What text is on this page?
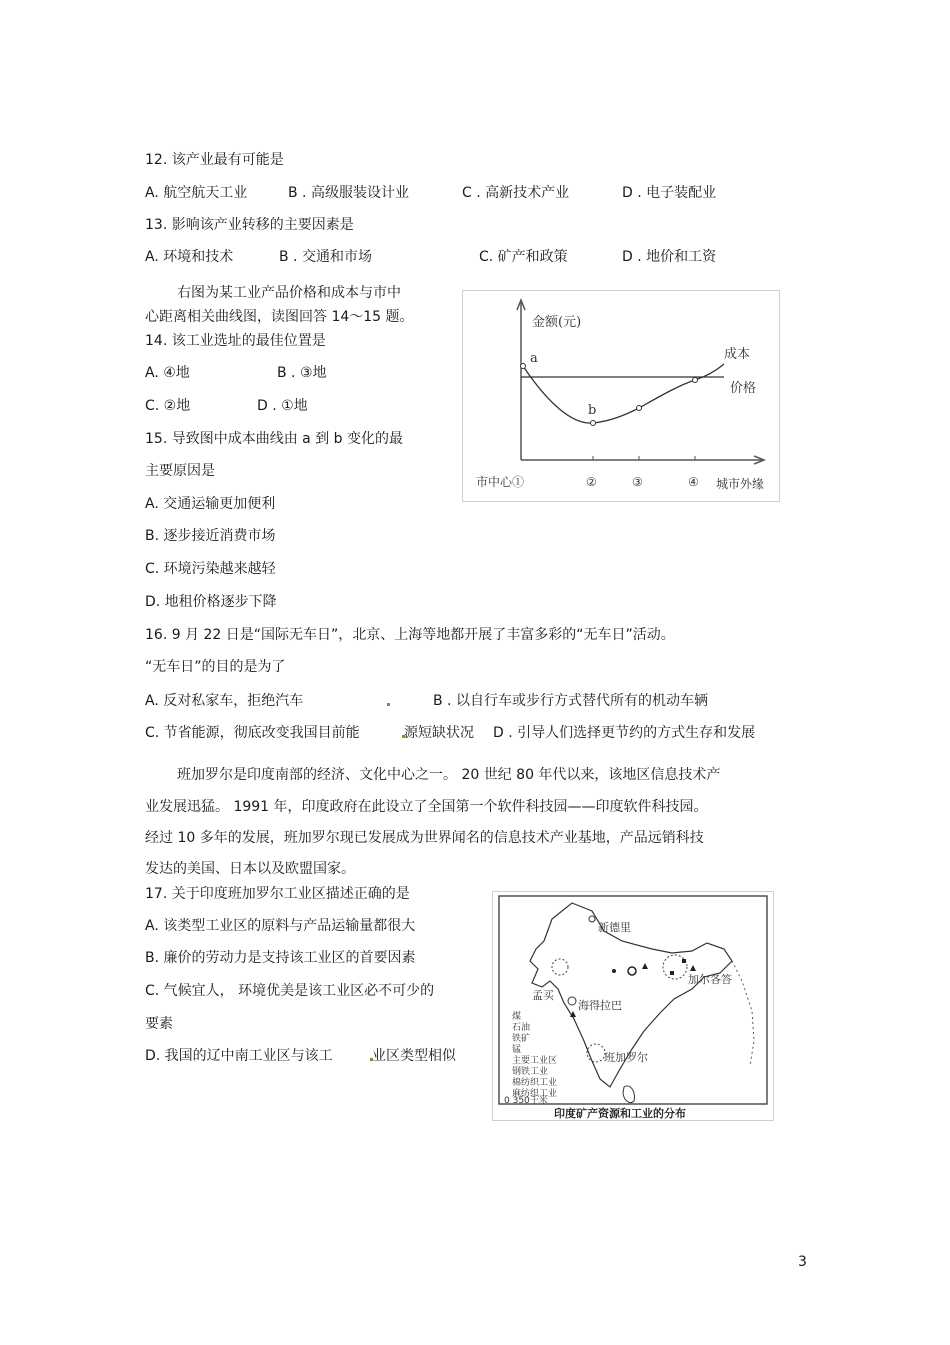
12. 该产业最有可能是
A. 航空航天工业	B . 高级服装设计业	C . 高新技术产业	D . 电子装配业
13. 影响该产业转移的主要因素是
A. 环境和技术	B . 交通和市场	C. 矿产和政策	D . 地价和工资
右图为某工业产品价格和成本与市中
心距离相关曲线图，读图回答 14～15 题。
14. 该工业选址的最佳位置是
A. ④地	B . ③地
C. ②地	D . ①地
15. 导致图中成本曲线由 a 到 b 变化的最
主要原因是
A. 交通运输更加便利
B. 逐步接近消费市场
C. 环境污染越来越轻
D. 地租价格逐步下降
金额(元)
a
b
成本
价格
市中心①	②	③	④ 城市外缘
16. 9 月 22 日是“国际无车日”，北京、上海等地都开展了丰富多彩的“无车日”活动。
“无车日”的目的是为了
A. 反对私家车，拒绝汽车	B . 以自行车或步行方式替代所有的机动车辆
C. 节省能源，彻底改变我国目前能	源短缺状况 D . 引导人们选择更节约的方式生存和发展
班加罗尔是印度南部的经济、文化中心之一。 20 世纪 80 年代以来，该地区信息技术产
业发展迅猛。 1991 年，印度政府在此设立了全国第一个软件科技园——印度软件科技园。
经过 10 多年的发展，班加罗尔现已发展成为世界闻名的信息技术产业基地，产品远销科技
发达的美国、日本以及欧盟国家。
17. 关于印度班加罗尔工业区描述正确的是
A. 该类型工业区的原料与产品运输量都很大
B. 廉价的劳动力是支持该工业区的首要因素
C. 气候宜人， 环境优美是该工业区必不可少的
要素
D. 我国的辽中南工业区与该工	业区类型相似
新德里
加尔各答
孟买
海得拉巴
班加罗尔
煤
石油
铁矿
锰
主要工业区
钢铁工业
棉纺织工业
麻纺织工业
0 350千米
印度矿产资源和工业的分布
3
